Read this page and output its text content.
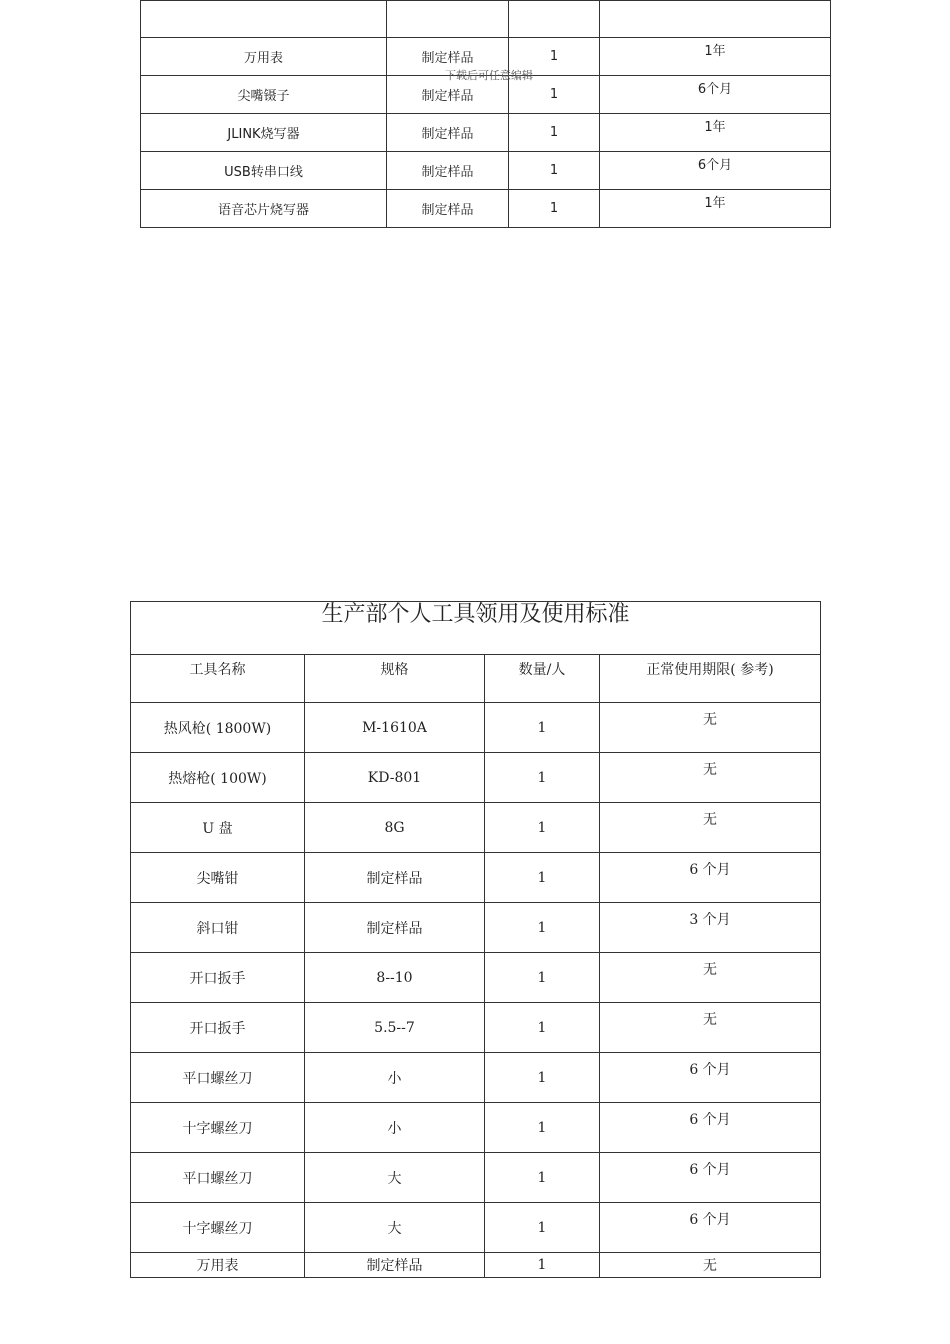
万用表	制定样品	1	1年
尖嘴镊子	制定样品	1	6个月
JLINK烧写器	制定样品	1	1年
USB转串口线	制定样品	1	6个月
语音芯片烧写器	制定样品	1	1年
下载后可任意编辑
生产部个人工具领用及使用标准			
工具名称	规格	数量/人	正常使用期限( 参考)
热风枪( 1800W)	M-1610A	1	无
热熔枪( 100W)	KD-801	1	无
U 盘	8G	1	无
尖嘴钳	制定样品	1	6 个月
斜口钳	制定样品	1	3 个月
开口扳手	8--10	1	无
开口扳手	5.5--7	1	无
平口螺丝刀	小	1	6 个月
十字螺丝刀	小	1	6 个月
平口螺丝刀	大	1	6 个月
十字螺丝刀	大	1	6 个月
万用表	制定样品	1	无
